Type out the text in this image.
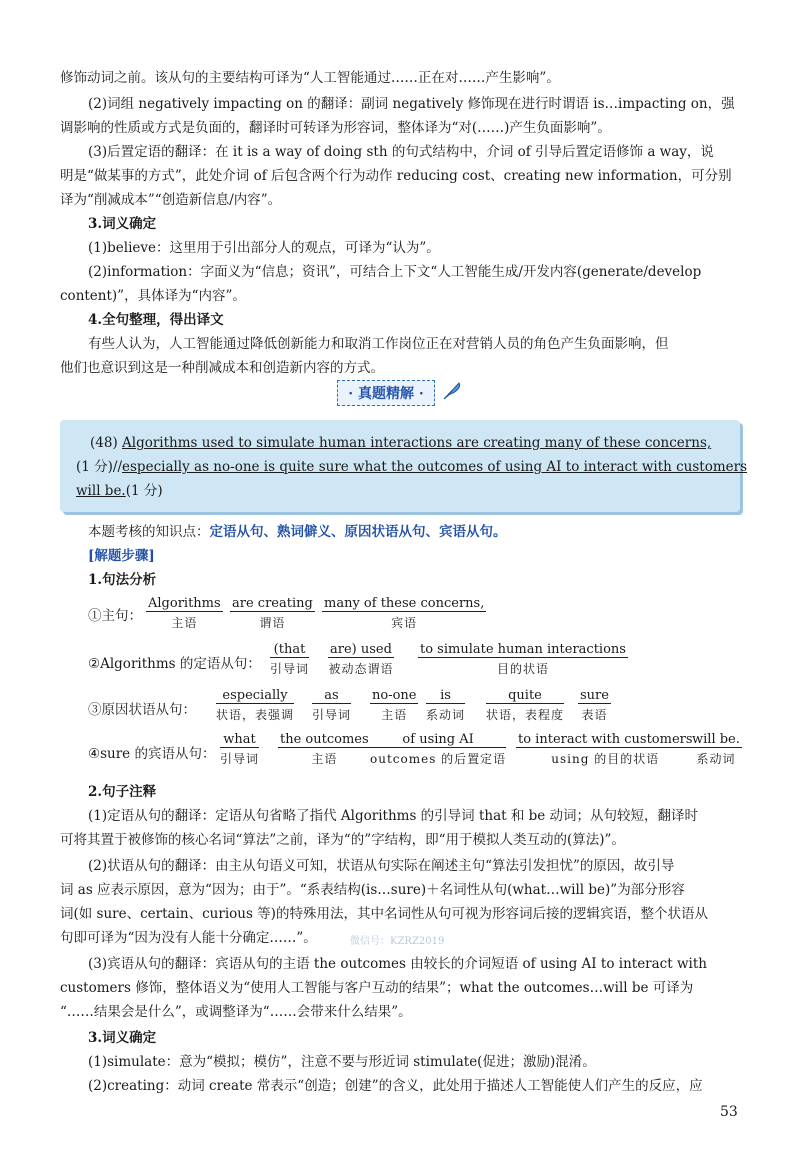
修饰动词之前。该从句的主要结构可译为“人工智能通过……正在对……产生影响”。
(2)词组 negatively impacting on 的翻译：副词 negatively 修饰现在进行时谓语 is…impacting on，强
调影响的性质或方式是负面的，翻译时可转译为形容词，整体译为“对(……)产生负面影响”。
(3)后置定语的翻译：在 it is a way of doing sth 的句式结构中，介词 of 引导后置定语修饰 a way，说
明是“做某事的方式”，此处介词 of 后包含两个行为动作 reducing cost、creating new information，可分别
译为“削减成本”“创造新信息/内容”。
3.词义确定
(1)believe：这里用于引出部分人的观点，可译为“认为”。
(2)information：字面义为“信息；资讯”，可结合上下文“人工智能生成/开发内容(generate/develop
content)”，具体译为“内容”。
4.全句整理，得出译文
有些人认为，人工智能通过降低创新能力和取消工作岗位正在对营销人员的角色产生负面影响，但
他们也意识到这是一种削减成本和创造新内容的方式。
· 真题精解 ·
(48) Algorithms used to simulate human interactions are creating many of these concerns,
(1 分)//especially as no-one is quite sure what the outcomes of using AI to interact with customers
will be.(1 分)
本题考核的知识点：定语从句、熟词僻义、原因状语从句、宾语从句。
[解题步骤]
1.句法分析
①主句：
Algorithms
主语
are creating
谓语
many of these concerns,
宾语
②Algorithms 的定语从句：
(that
引导词
are) used
被动态谓语
to simulate human interactions
目的状语
③原因状语从句：
especially
状语，表强调
as
引导词
no-one
主语
is
系动词
quite
状语，表程度
sure
表语
④sure 的宾语从句：
what
引导词
the outcomes
主语
of using AI
outcomes 的后置定语
to interact with customers
using 的目的状语
will be.
系动词
2.句子注释
(1)定语从句的翻译：定语从句省略了指代 Algorithms 的引导词 that 和 be 动词；从句较短，翻译时
可将其置于被修饰的核心名词“算法”之前，译为“的”字结构，即“用于模拟人类互动的(算法)”。
(2)状语从句的翻译：由主从句语义可知，状语从句实际在阐述主句“算法引发担忧”的原因，故引导
词 as 应表示原因，意为“因为；由于”。“系表结构(is…sure)＋名词性从句(what…will be)”为部分形容
词(如 sure、certain、curious 等)的特殊用法，其中名词性从句可视为形容词后接的逻辑宾语，整个状语从
句即可译为“因为没有人能十分确定……”。
(3)宾语从句的翻译：宾语从句的主语 the outcomes 由较长的介词短语 of using AI to interact with
customers 修饰，整体语义为“使用人工智能与客户互动的结果”；what the outcomes…will be 可译为
“……结果会是什么”，或调整译为“……会带来什么结果”。
3.词义确定
(1)simulate：意为“模拟；模仿”，注意不要与形近词 stimulate(促进；激励)混淆。
(2)creating：动词 create 常表示“创造；创建”的含义，此处用于描述人工智能使人们产生的反应，应
微信号：KZRZ2019
53
